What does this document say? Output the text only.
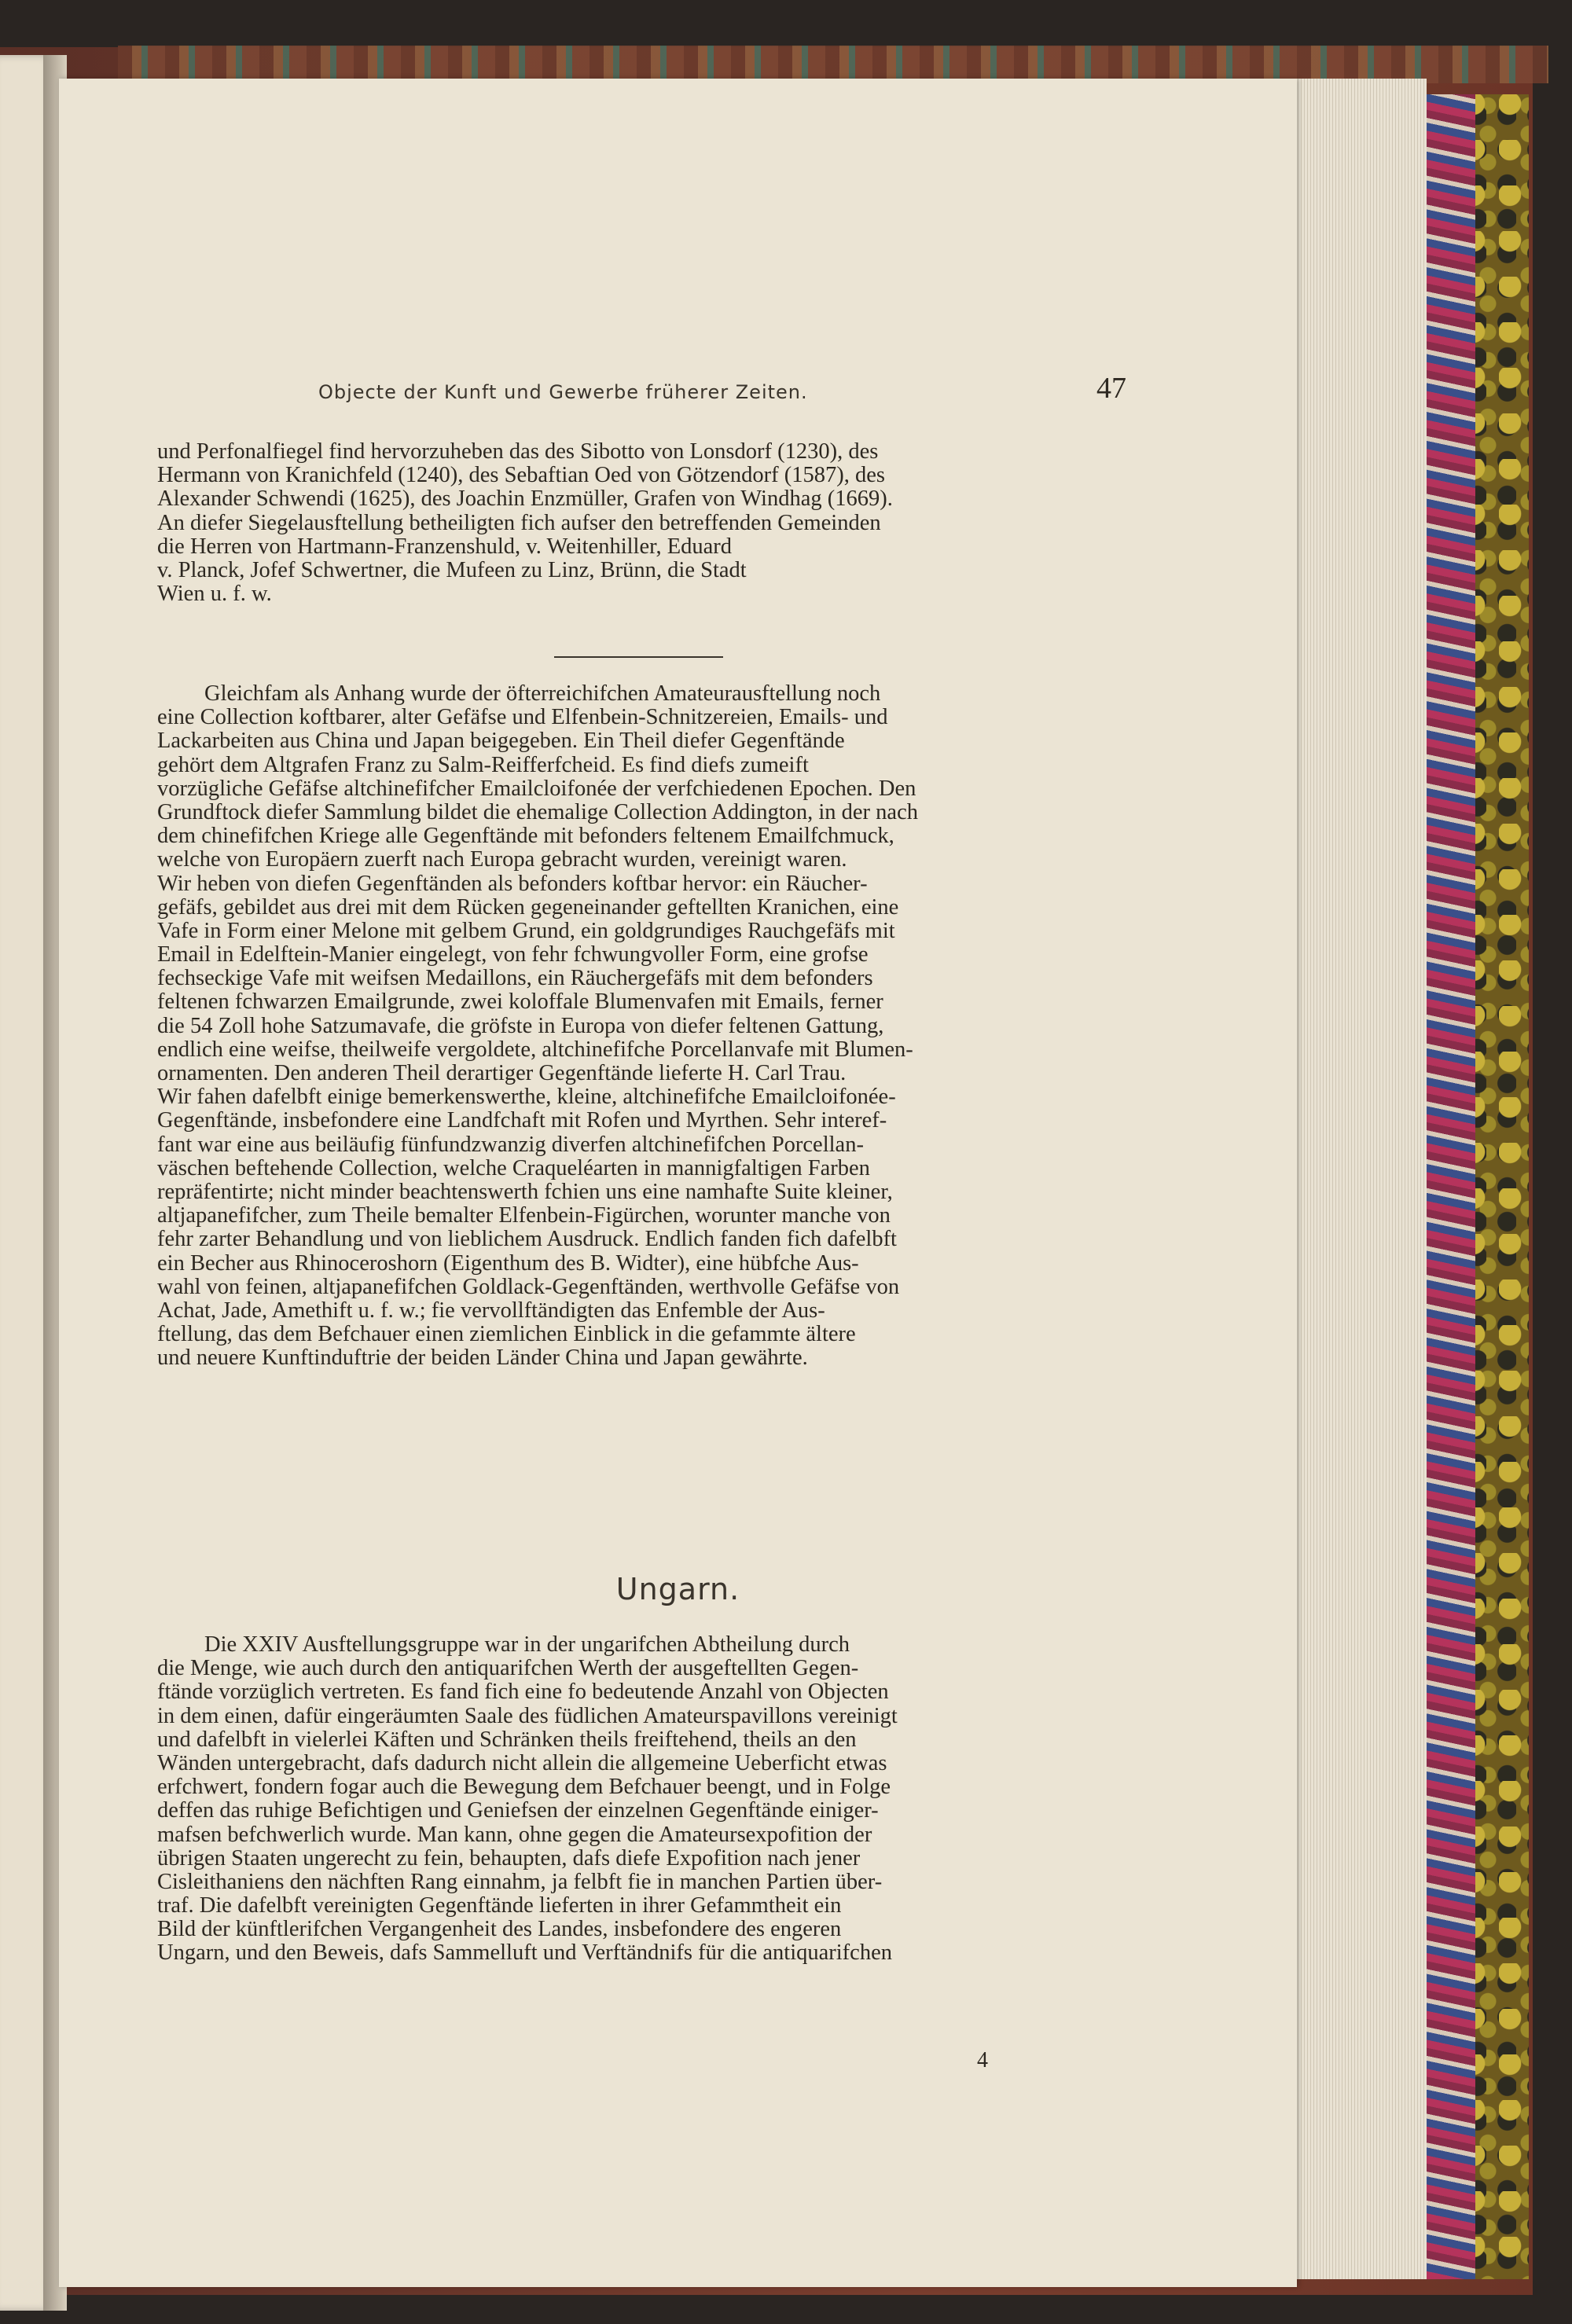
Objecte der Kunft und Gewerbe früherer Zeiten.	47
und Perfonalfiegel find hervorzuheben das des Sibotto von Lonsdorf (1230), des
Hermann von Kranichfeld (1240), des Sebaftian Oed von Götzendorf (1587), des
Alexander Schwendi (1625), des Joachin Enzmüller, Grafen von Windhag (1669).
An diefer Siegelausftellung betheiligten fich aufser den betreffenden Gemeinden
die Herren von Hartmann-Franzenshuld, v. Weitenhiller, Eduard
v. Planck, Jofef Schwertner, die Mufeen zu Linz, Brünn, die Stadt
Wien u. f. w.
Gleichfam als Anhang wurde der öfterreichifchen Amateurausftellung noch
eine Collection koftbarer, alter Gefäfse und Elfenbein-Schnitzereien, Emails- und
Lackarbeiten aus China und Japan beigegeben. Ein Theil diefer Gegenftände
gehört dem Altgrafen Franz zu Salm-Reifferfcheid. Es find diefs zumeift
vorzügliche Gefäfse altchinefifcher Emailcloifonée der verfchiedenen Epochen. Den
Grundftock diefer Sammlung bildet die ehemalige Collection Addington, in der nach
dem chinefifchen Kriege alle Gegenftände mit befonders feltenem Emailfchmuck,
welche von Europäern zuerft nach Europa gebracht wurden, vereinigt waren.
Wir heben von diefen Gegenftänden als befonders koftbar hervor: ein Räucher-
gefäfs, gebildet aus drei mit dem Rücken gegeneinander geftellten Kranichen, eine
Vafe in Form einer Melone mit gelbem Grund, ein goldgrundiges Rauchgefäfs mit
Email in Edelftein-Manier eingelegt, von fehr fchwungvoller Form, eine grofse
fechseckige Vafe mit weifsen Medaillons, ein Räuchergefäfs mit dem befonders
feltenen fchwarzen Emailgrunde, zwei koloffale Blumenvafen mit Emails, ferner
die 54 Zoll hohe Satzumavafe, die gröfste in Europa von diefer feltenen Gattung,
endlich eine weifse, theilweife vergoldete, altchinefifche Porcellanvafe mit Blumen-
ornamenten. Den anderen Theil derartiger Gegenftände lieferte H. Carl Trau.
Wir fahen dafelbft einige bemerkenswerthe, kleine, altchinefifche Emailcloifonée-
Gegenftände, insbefondere eine Landfchaft mit Rofen und Myrthen. Sehr interef-
fant war eine aus beiläufig fünfundzwanzig diverfen altchinefifchen Porcellan-
väschen beftehende Collection, welche Craqueléarten in mannigfaltigen Farben
repräfentirte; nicht minder beachtenswerth fchien uns eine namhafte Suite kleiner,
altjapanefifcher, zum Theile bemalter Elfenbein-Figürchen, worunter manche von
fehr zarter Behandlung und von lieblichem Ausdruck. Endlich fanden fich dafelbft
ein Becher aus Rhinoceroshorn (Eigenthum des B. Widter), eine hübfche Aus-
wahl von feinen, altjapanefifchen Goldlack-Gegenftänden, werthvolle Gefäfse von
Achat, Jade, Amethift u. f. w.; fie vervollftändigten das Enfemble der Aus-
ftellung, das dem Befchauer einen ziemlichen Einblick in die gefammte ältere
und neuere Kunftinduftrie der beiden Länder China und Japan gewährte.
Ungarn.
Die XXIV Ausftellungsgruppe war in der ungarifchen Abtheilung durch
die Menge, wie auch durch den antiquarifchen Werth der ausgeftellten Gegen-
ftände vorzüglich vertreten. Es fand fich eine fo bedeutende Anzahl von Objecten
in dem einen, dafür eingeräumten Saale des füdlichen Amateurspavillons vereinigt
und dafelbft in vielerlei Käften und Schränken theils freiftehend, theils an den
Wänden untergebracht, dafs dadurch nicht allein die allgemeine Ueberficht etwas
erfchwert, fondern fogar auch die Bewegung dem Befchauer beengt, und in Folge
deffen das ruhige Befichtigen und Geniefsen der einzelnen Gegenftände einiger-
mafsen befchwerlich wurde. Man kann, ohne gegen die Amateursexpofition der
übrigen Staaten ungerecht zu fein, behaupten, dafs diefe Expofition nach jener
Cisleithaniens den nächften Rang einnahm, ja felbft fie in manchen Partien über-
traf. Die dafelbft vereinigten Gegenftände lieferten in ihrer Gefammtheit ein
Bild der künftlerifchen Vergangenheit des Landes, insbefondere des engeren
Ungarn, und den Beweis, dafs Sammelluft und Verftändnifs für die antiquarifchen
4
